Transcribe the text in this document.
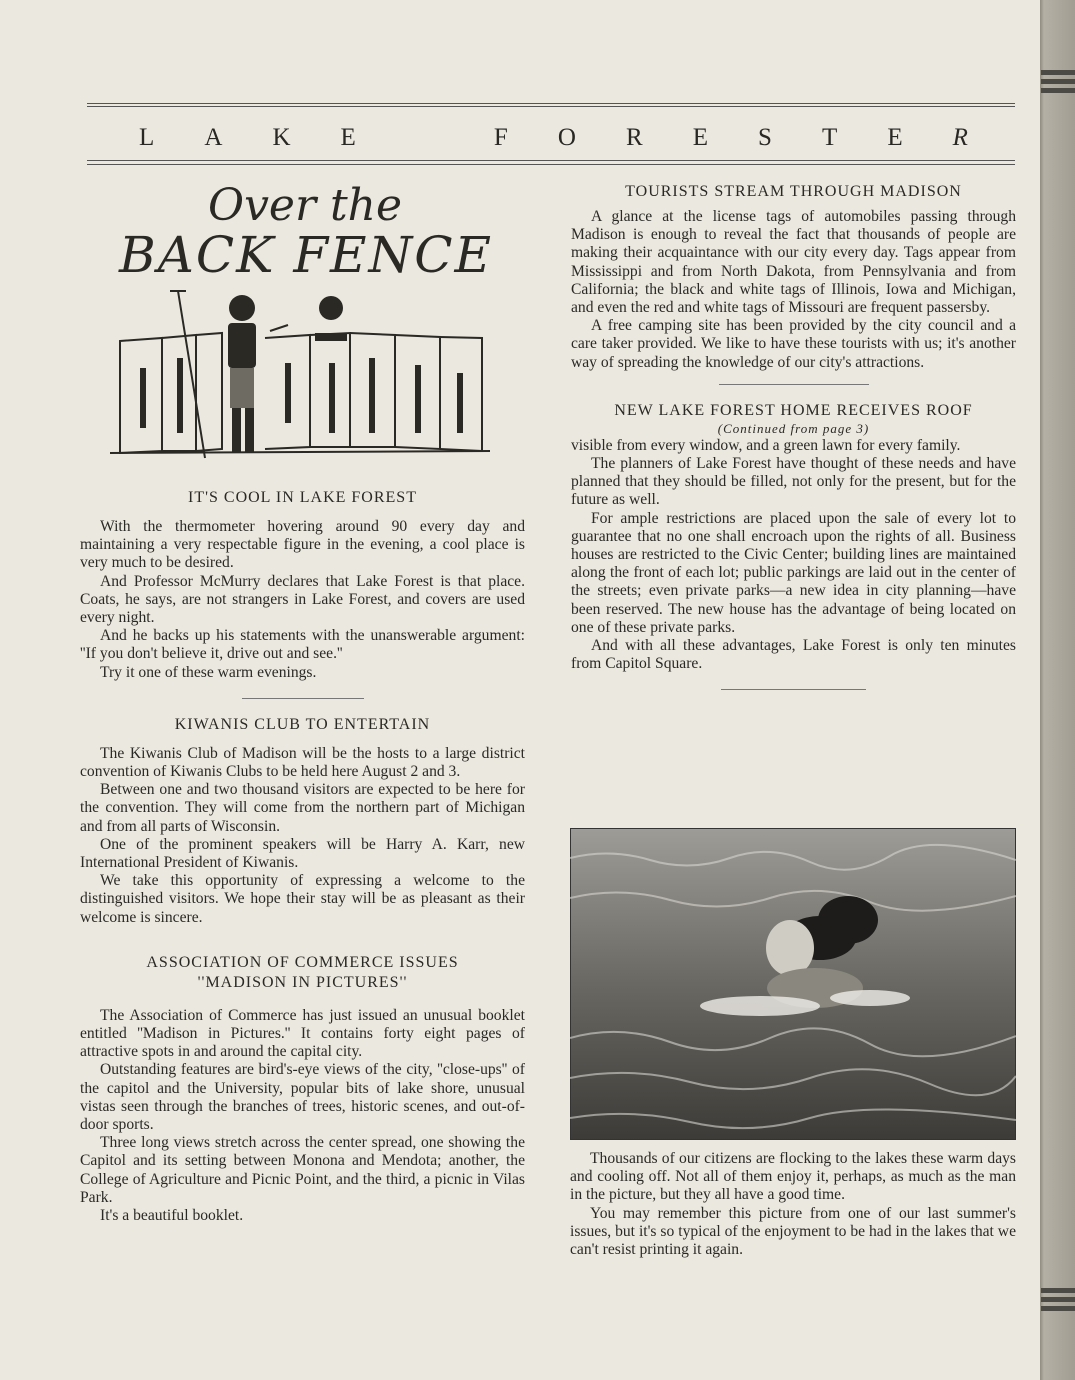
L A K E	F O R E S T E R
Over the
BACK FENCE
IT'S COOL IN LAKE FOREST

With the thermometer hovering around 90 every day and maintaining a very respectable figure in the evening, a cool place is very much to be desired.

And Professor McMurry declares that Lake Forest is that place. Coats, he says, are not strangers in Lake Forest, and covers are used every night.

And he backs up his statements with the unanswerable argument: ''If you don't believe it, drive out and see.''

Try it one of these warm evenings.

KIWANIS CLUB TO ENTERTAIN

The Kiwanis Club of Madison will be the hosts to a large district convention of Kiwanis Clubs to be held here August 2 and 3.

Between one and two thousand visitors are expected to be here for the convention. They will come from the northern part of Michigan and from all parts of Wisconsin.

One of the prominent speakers will be Harry A. Karr, new International President of Kiwanis.

We take this opportunity of expressing a welcome to the distinguished visitors. We hope their stay will be as pleasant as their welcome is sincere.

ASSOCIATION OF COMMERCE ISSUES
''MADISON IN PICTURES''

The Association of Commerce has just issued an unusual booklet entitled ''Madison in Pictures.'' It contains forty eight pages of attractive spots in and around the capital city.

Outstanding features are bird's-eye views of the city, ''close-ups'' of the capitol and the University, popular bits of lake shore, unusual vistas seen through the branches of trees, historic scenes, and out-of-door sports.

Three long views stretch across the center spread, one showing the Capitol and its setting between Monona and Mendota; another, the College of Agriculture and Picnic Point, and the third, a picnic in Vilas Park.

It's a beautiful booklet.

TOURISTS STREAM THROUGH MADISON

A glance at the license tags of automobiles passing through Madison is enough to reveal the fact that thousands of people are making their acquaintance with our city every day. Tags appear from Mississippi and from North Dakota, from Pennsylvania and from California; the black and white tags of Illinois, Iowa and Michigan, and even the red and white tags of Missouri are frequent passersby.

A free camping site has been provided by the city council and a care taker provided. We like to have these tourists with us; it's another way of spreading the knowledge of our city's attractions.

NEW LAKE FOREST HOME RECEIVES ROOF
(Continued from page 3)

visible from every window, and a green lawn for every family.

The planners of Lake Forest have thought of these needs and have planned that they should be filled, not only for the present, but for the future as well.

For ample restrictions are placed upon the sale of every lot to guarantee that no one shall encroach upon the rights of all. Business houses are restricted to the Civic Center; building lines are maintained along the front of each lot; public parkings are laid out in the center of the streets; even private parks—a new idea in city planning—have been reserved. The new house has the advantage of being located on one of these private parks.

And with all these advantages, Lake Forest is only ten minutes from Capitol Square.

Thousands of our citizens are flocking to the lakes these warm days and cooling off. Not all of them enjoy it, perhaps, as much as the man in the picture, but they all have a good time.

You may remember this picture from one of our last summer's issues, but it's so typical of the enjoyment to be had in the lakes that we can't resist printing it again.
